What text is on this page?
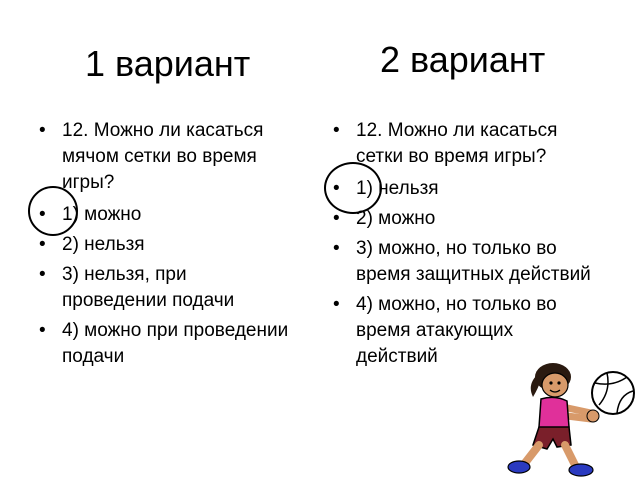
1 вариант	2 вариант
• 12. Можно ли касаться мячом сетки во время игры?
• 1) можно
• 2) нельзя
• 3) нельзя, при проведении подачи
• 4) можно при проведении подачи
• 12. Можно ли касаться сетки во время игры?
• 1) нельзя
• 2) можно
• 3) можно, но только во время защитных действий
• 4) можно, но только во время атакующих действий
